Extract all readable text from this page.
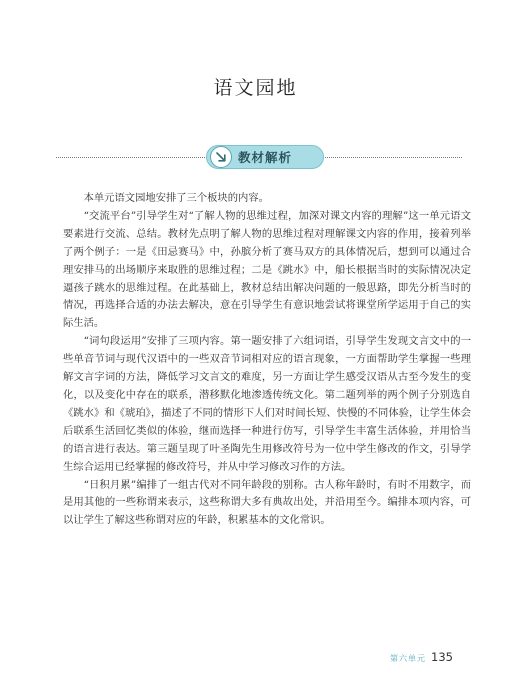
语文园地
教材解析

本单元语文园地安排了三个板块的内容。

“交流平台”引导学生对“了解人物的思维过程，加深对课文内容的理解”这一单元语文要素进行交流、总结。教材先点明了解人物的思维过程对理解课文内容的作用，接着列举了两个例子：一是《田忌赛马》中，孙膑分析了赛马双方的具体情况后，想到可以通过合理安排马的出场顺序来取胜的思维过程；二是《跳水》中，船长根据当时的实际情况决定逼孩子跳水的思维过程。在此基础上，教材总结出解决问题的一般思路，即先分析当时的情况，再选择合适的办法去解决，意在引导学生有意识地尝试将课堂所学运用于自己的实际生活。

“词句段运用”安排了三项内容。第一题安排了六组词语，引导学生发现文言文中的一些单音节词与现代汉语中的一些双音节词相对应的语言现象，一方面帮助学生掌握一些理解文言字词的方法，降低学习文言文的难度，另一方面让学生感受汉语从古至今发生的变化，以及变化中存在的联系，潜移默化地渗透传统文化。第二题列举的两个例子分别选自《跳水》和《琥珀》，描述了不同的情形下人们对时间长短、快慢的不同体验，让学生体会后联系生活回忆类似的体验，继而选择一种进行仿写，引导学生丰富生活体验，并用恰当的语言进行表达。第三题呈现了叶圣陶先生用修改符号为一位中学生修改的作文，引导学生综合运用已经掌握的修改符号，并从中学习修改习作的方法。

“日积月累”编排了一组古代对不同年龄段的别称。古人称年龄时，有时不用数字，而是用其他的一些称谓来表示，这些称谓大多有典故出处，并沿用至今。编排本项内容，可以让学生了解这些称谓对应的年龄，积累基本的文化常识。

第六单元 135
